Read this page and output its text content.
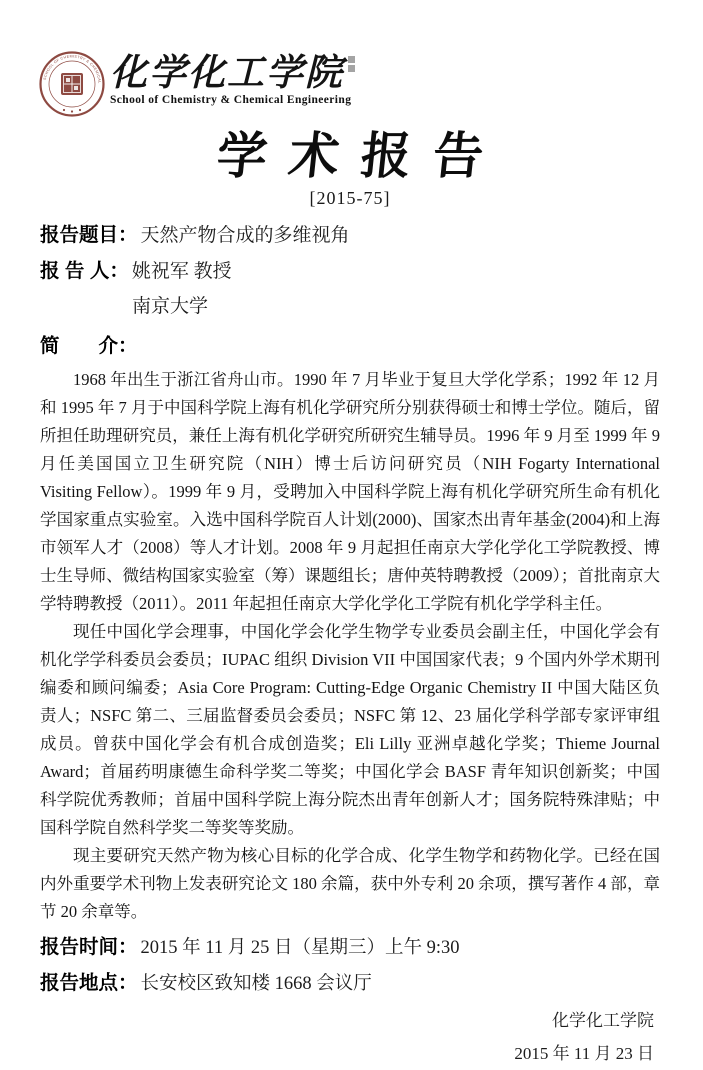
SCHOOL OF CHEMISTRY & CHEMICAL 化学化工学院
School of Chemistry & Chemical Engineering
学术报告
[2015-75]
报告题目： 天然产物合成的多维视角
报 告 人： 姚祝军 教授
南京大学
简　　介：

1968 年出生于浙江省舟山市。1990 年 7 月毕业于复旦大学化学系；1992 年 12 月和 1995 年 7 月于中国科学院上海有机化学研究所分别获得硕士和博士学位。随后，留所担任助理研究员，兼任上海有机化学研究所研究生辅导员。1996 年 9 月至 1999 年 9 月任美国国立卫生研究院（NIH）博士后访问研究员（NIH Fogarty International Visiting Fellow）。1999 年 9 月，受聘加入中国科学院上海有机化学研究所生命有机化学国家重点实验室。入选中国科学院百人计划(2000)、国家杰出青年基金(2004)和上海市领军人才（2008）等人才计划。2008 年 9 月起担任南京大学化学化工学院教授、博士生导师、微结构国家实验室（筹）课题组长；唐仲英特聘教授（2009）；首批南京大学特聘教授（2011）。2011 年起担任南京大学化学化工学院有机化学学科主任。

现任中国化学会理事，中国化学会化学生物学专业委员会副主任，中国化学会有机化学学科委员会委员；IUPAC 组织 Division VII 中国国家代表；9 个国内外学术期刊编委和顾问编委；Asia Core Program: Cutting-Edge Organic Chemistry II 中国大陆区负责人；NSFC 第二、三届监督委员会委员；NSFC 第 12、23 届化学科学部专家评审组成员。曾获中国化学会有机合成创造奖；Eli Lilly 亚洲卓越化学奖；Thieme Journal Award；首届药明康德生命科学奖二等奖；中国化学会 BASF 青年知识创新奖；中国科学院优秀教师；首届中国科学院上海分院杰出青年创新人才；国务院特殊津贴；中国科学院自然科学奖二等奖等奖励。

现主要研究天然产物为核心目标的化学合成、化学生物学和药物化学。已经在国内外重要学术刊物上发表研究论文 180 余篇，获中外专利 20 余项，撰写著作 4 部，章节 20 余章等。

报告时间： 2015 年 11 月 25 日（星期三）上午 9:30
报告地点： 长安校区致知楼 1668 会议厅
化学化工学院
2015 年 11 月 23 日
